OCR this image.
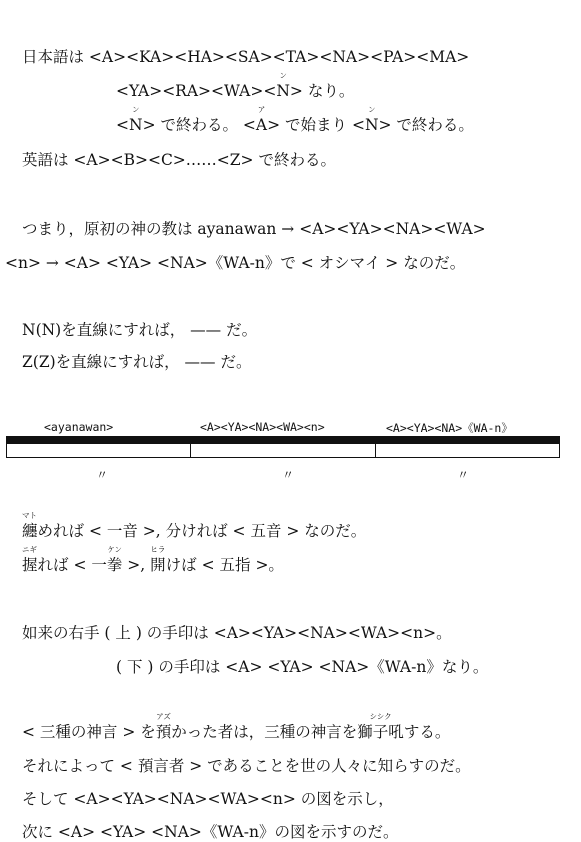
日本語は <A><KA><HA><SA><TA><NA><PA><MA>
<YA><RA><WA><
ン
N> なり。
<
ン
N> で終わる。 <
ア
A> で始まり <
ン
N> で終わる。
英語は <A><B><C>……<Z> で終わる。
つまり，原初の神の教は ayanawan → <A><YA><NA><WA>
<n> → <A> <YA> <NA>《WA-n》で < オシマイ > なのだ。
N(N)を直線にすれば， —— だ。
Z(Z)を直線にすれば， —— だ。
<ayanawan>	<A><YA><NA><WA><n>	<A><YA><NA>《WA-n》
〃	〃	〃
マト
纏めれば < 一音 >, 分ければ < 五音 > なのだ。
ニギ
握れば < 一
ケン
拳 >,
ヒラ
開けば < 五指 >。
如来の右手 ( 上 ) の手印は <A><YA><NA><WA><n>。
( 下 ) の手印は <A> <YA> <NA>《WA-n》なり。
< 三種の神言 > を
アズ
預かった者は，三種の神言を
シシク
獅子吼する。
それによって < 預言者 > であることを世の人々に知らすのだ。
そして <A><YA><NA><WA><n> の図を示し，
次に <A> <YA> <NA>《WA-n》の図を示すのだ。
